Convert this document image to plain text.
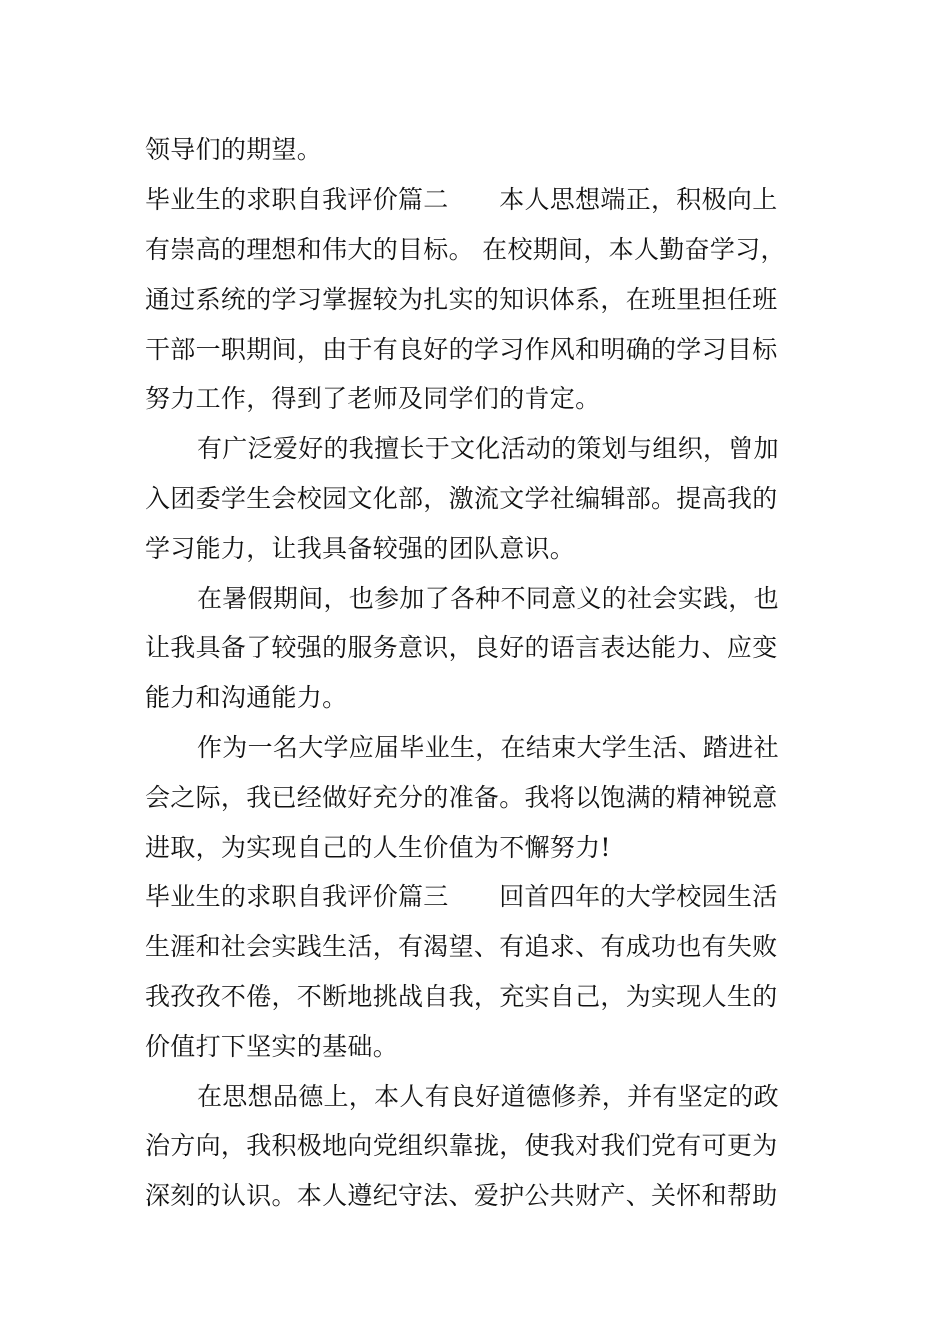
领导们的期望。
毕业生的求职自我评价篇二　　本人思想端正，积极向上
有崇高的理想和伟大的目标。 在校期间，本人勤奋学习，
通过系统的学习掌握较为扎实的知识体系，在班里担任班
干部一职期间，由于有良好的学习作风和明确的学习目标
努力工作，得到了老师及同学们的肯定。
有广泛爱好的我擅长于文化活动的策划与组织，曾加
入团委学生会校园文化部，激流文学社编辑部。提高我的
学习能力，让我具备较强的团队意识。
在暑假期间，也参加了各种不同意义的社会实践，也
让我具备了较强的服务意识，良好的语言表达能力、应变
能力和沟通能力。
作为一名大学应届毕业生，在结束大学生活、踏进社
会之际，我已经做好充分的准备。我将以饱满的精神锐意
进取，为实现自己的人生价值为不懈努力!
毕业生的求职自我评价篇三　　回首四年的大学校园生活
生涯和社会实践生活，有渴望、有追求、有成功也有失败
我孜孜不倦，不断地挑战自我，充实自己，为实现人生的
价值打下坚实的基础。
在思想品德上，本人有良好道德修养，并有坚定的政
治方向，我积极地向党组织靠拢，使我对我们党有可更为
深刻的认识。本人遵纪守法、爱护公共财产、关怀和帮助
